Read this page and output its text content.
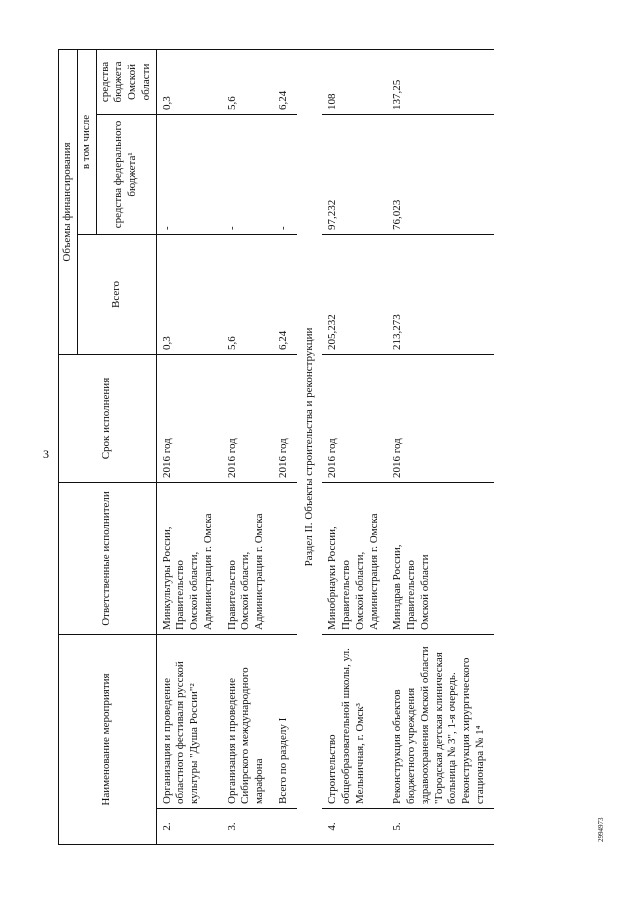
3
Наименование мероприятия		Ответственные исполнители	Срок исполнения	Объемы финансирования		
				Всего	в том числе	
					средства федерального бюджета¹	средства бюджета Омской области
2.	Организация и проведение областного фестиваля русской культуры "Душа России"²	Минкультуры России,
Правительство
Омской области,
Администрация г. Омска	2016 год	0,3	-	0,3
3.	Организация и проведение Сибирского международного марафона	Правительство
Омской области,
Администрация г. Омска	2016 год	5,6	-	5,6
	Всего по разделу I		2016 год	6,24	-	6,24
Раздел II. Объекты строительства и реконструкции						
4.	Строительство общеобразовательной школы, ул. Мельничная, г. Омск³	Минобрнауки России,
Правительство
Омской области,
Администрация г. Омска	2016 год	205,232	97,232	108
5.	Реконструкция объектов бюджетного учреждения здравоохранения Омской области "Городская детская клиническая больница № 3", 1-я очередь. Реконструкция хирургического стационара № 1⁴	Минздрав России,
Правительство
Омской области	2016 год	213,273	76,023	137,25
2994973
